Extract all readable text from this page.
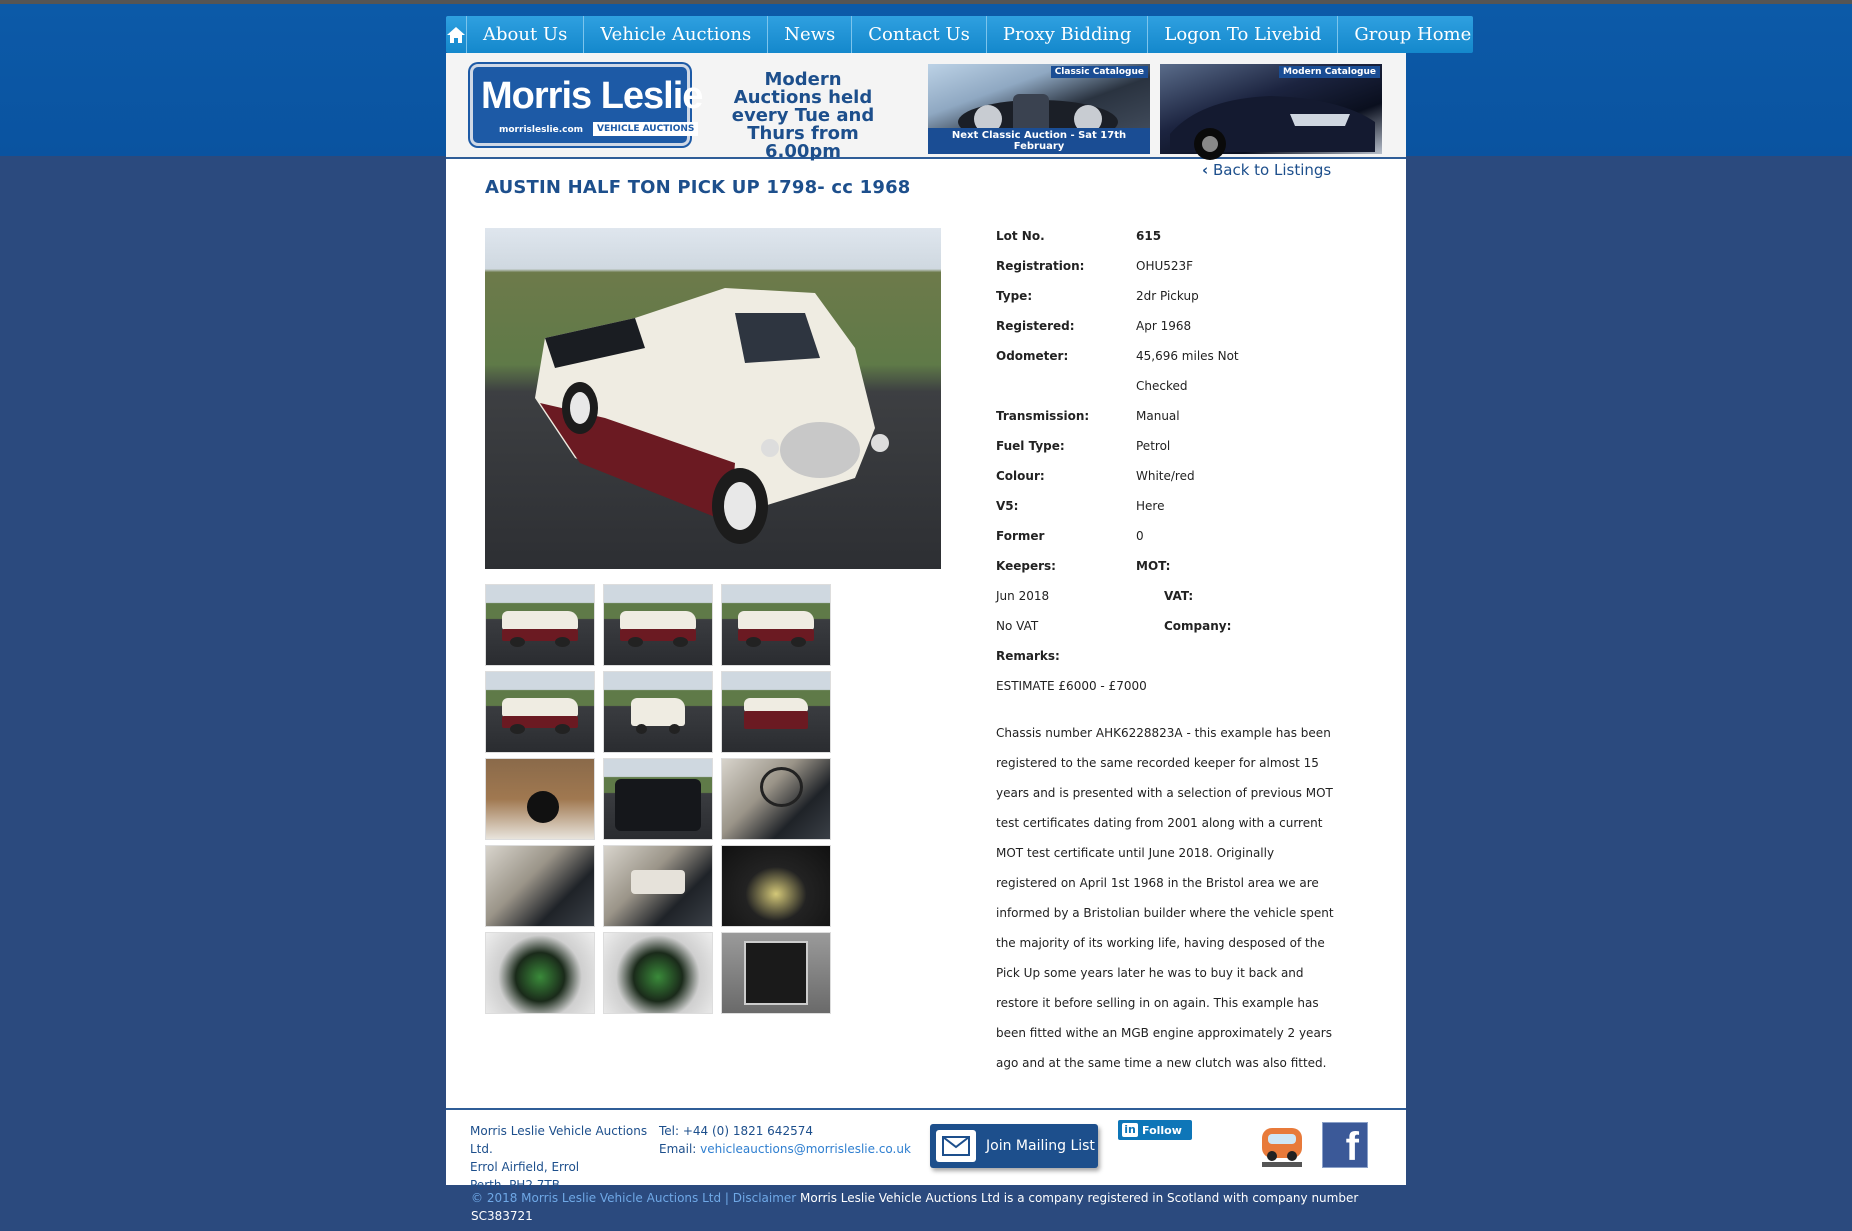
About Us	Vehicle Auctions	News	Contact Us	Proxy Bidding	Logon To Livebid	Group Home
Morris Leslie
morrisleslie.com	VEHICLE AUCTIONS
Modern Auctions held every Tue and Thurs from 6.00pm
Classic Catalogue
Next Classic Auction - Sat 17th February
Modern Catalogue
‹ Back to Listings
AUSTIN HALF TON PICK UP 1798- cc 1968
Lot No.	615
Registration:	OHU523F
Type:	2dr Pickup
Registered:	Apr 1968
Odometer:	45,696 miles Not
Checked
Transmission:	Manual
Fuel Type:	Petrol
Colour:	White/red
V5:	Here
Former	0
Keepers:	MOT:
Jun 2018	VAT:
No VAT	Company:
Remarks:
ESTIMATE £6000 - £7000
Chassis number AHK6228823A - this example has been registered to the same recorded keeper for almost 15 years and is presented with a selection of previous MOT test certificates dating from 2001 along with a current MOT test certificate until June 2018. Originally registered on April 1st 1968 in the Bristol area we are informed by a Bristolian builder where the vehicle spent the majority of its working life, having desposed of the Pick Up some years later he was to buy it back and restore it before selling in on again. This example has been fitted withe an MGB engine approximately 2 years ago and at the same time a new clutch was also fitted.
Morris Leslie Vehicle Auctions Ltd.
Errol Airfield, Errol
Perth, PH2 7TB
Tel: +44 (0) 1821 642574

Email: vehicleauctions@morrisleslie.co.uk	Join Mailing List
in Follow	f
© 2018 Morris Leslie Vehicle Auctions Ltd | Disclaimer Morris Leslie Vehicle Auctions Ltd is a company registered in Scotland with company number SC383721
